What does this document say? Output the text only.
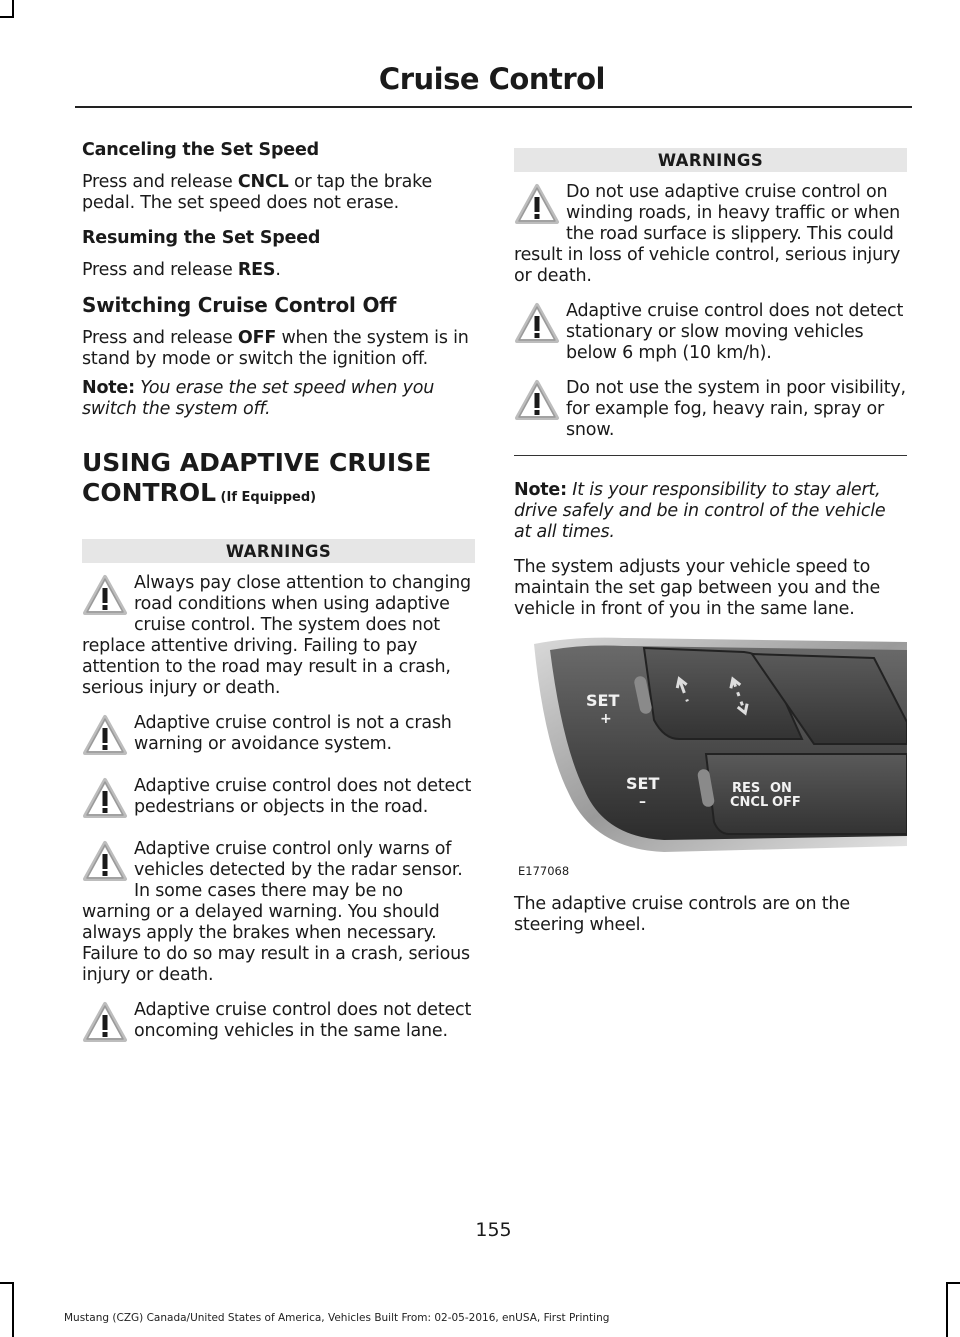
Cruise Control

Canceling the Set Speed

Press and release CNCL or tap the brake pedal. The set speed does not erase.

Resuming the Set Speed

Press and release RES.

Switching Cruise Control Off

Press and release OFF when the system is in stand by mode or switch the ignition off.

Note: You erase the set speed when you switch the system off.

USING ADAPTIVE CRUISE
CONTROL (If Equipped)

WARNINGS

Always pay close attention to changing road conditions when using adaptive cruise control. The system does not replace attentive driving. Failing to pay attention to the road may result in a crash, serious injury or death.

Adaptive cruise control is not a crash warning or avoidance system.

Adaptive cruise control does not detect pedestrians or objects in the road.

Adaptive cruise control only warns of vehicles detected by the radar sensor. In some cases there may be no warning or a delayed warning. You should always apply the brakes when necessary. Failure to do so may result in a crash, serious injury or death.

Adaptive cruise control does not detect oncoming vehicles in the same lane.

WARNINGS

Do not use adaptive cruise control on winding roads, in heavy traffic or when the road surface is slippery. This could result in loss of vehicle control, serious injury or death.

Adaptive cruise control does not detect stationary or slow moving vehicles below 6 mph (10 km/h).

Do not use the system in poor visibility, for example fog, heavy rain, spray or snow.

Note: It is your responsibility to stay alert, drive safely and be in control of the vehicle at all times.

The system adjusts your vehicle speed to maintain the set gap between you and the vehicle in front of you in the same lane.

SET
+
SET
–
RES ON
CNCL OFF
E177068

The adaptive cruise controls are on the steering wheel.

155
Mustang (CZG) Canada/United States of America, Vehicles Built From: 02-05-2016, enUSA, First Printing
